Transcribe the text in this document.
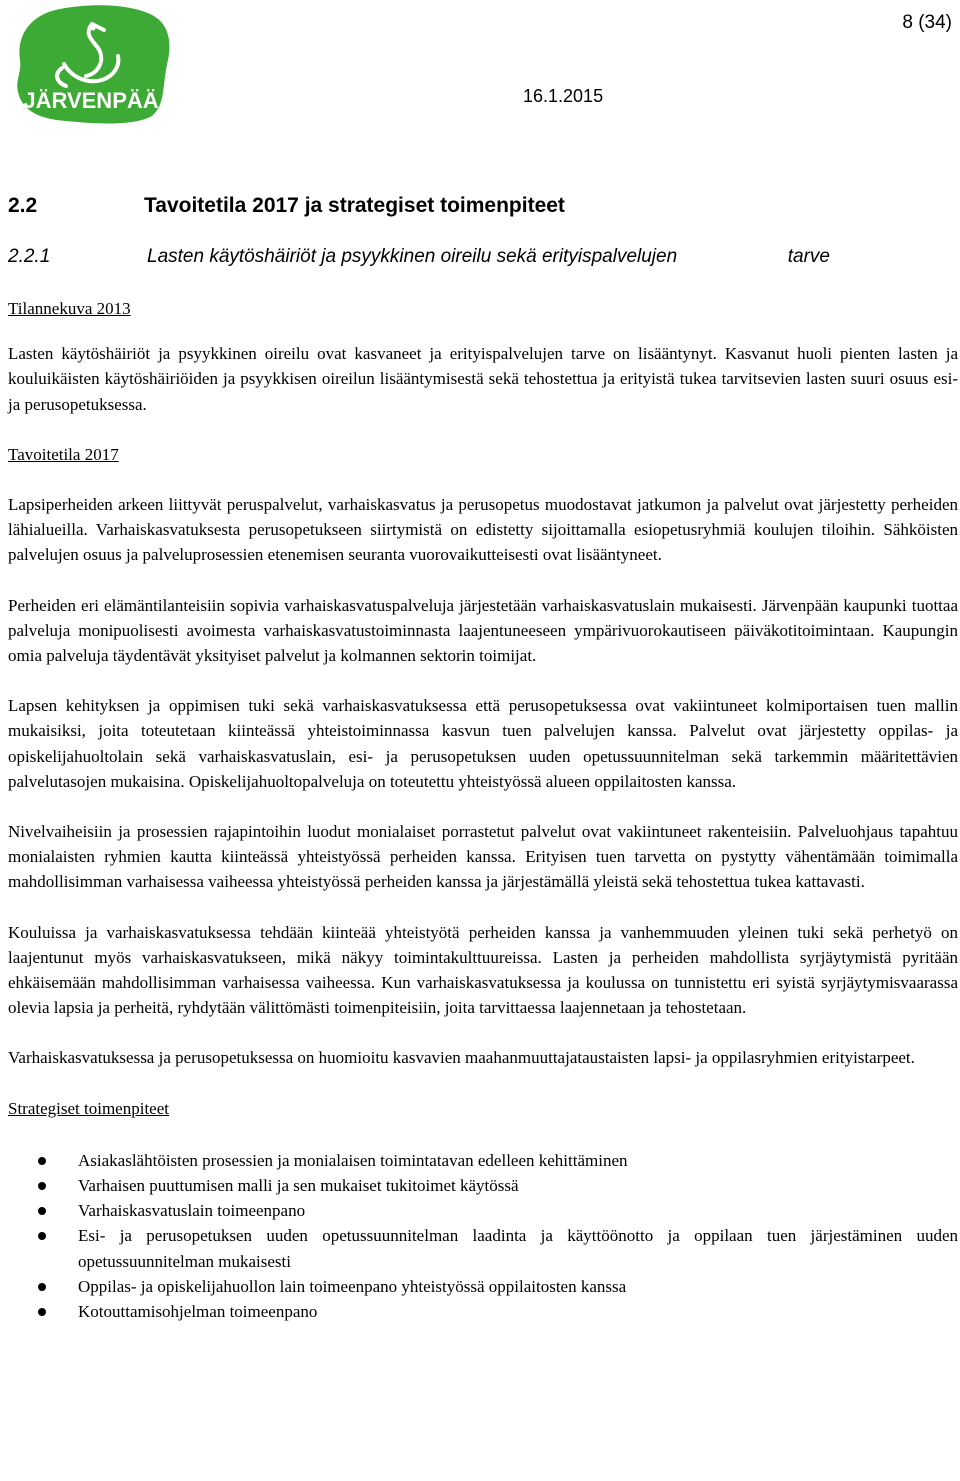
JÄRVENPÄÄ
8 (34)
16.1.2015
2.2	Tavoitetila 2017 ja strategiset toimenpiteet
2.2.1	Lasten käytöshäiriöt ja psyykkinen oireilu sekä erityispalvelujen	tarve

Tilannekuva 2013

Lasten käytöshäiriöt ja psyykkinen oireilu ovat kasvaneet ja erityispalvelujen tarve on lisääntynyt. Kasvanut huoli pienten lasten ja kouluikäisten käytöshäiriöiden ja psyykkisen oireilun lisääntymisestä sekä tehostettua ja erityistä tukea tarvitsevien lasten suuri osuus esi- ja perusopetuksessa.

Tavoitetila 2017

Lapsiperheiden arkeen liittyvät peruspalvelut, varhaiskasvatus ja perusopetus muodostavat jatkumon ja palvelut ovat järjestetty perheiden lähialueilla. Varhaiskasvatuksesta perusopetukseen siirtymistä on edistetty sijoittamalla esiopetusryhmiä koulujen tiloihin. Sähköisten palvelujen osuus ja palveluprosessien etenemisen seuranta vuorovaikutteisesti ovat lisääntyneet.

Perheiden eri elämäntilanteisiin sopivia varhaiskasvatuspalveluja järjestetään varhaiskasvatuslain mukaisesti. Järvenpään kaupunki tuottaa palveluja monipuolisesti avoimesta varhaiskasvatustoiminnasta laajentuneeseen ympärivuorokautiseen päiväkotitoimintaan. Kaupungin omia palveluja täydentävät yksityiset palvelut ja kolmannen sektorin toimijat.

Lapsen kehityksen ja oppimisen tuki sekä varhaiskasvatuksessa että perusopetuksessa ovat vakiintuneet kolmiportaisen tuen mallin mukaisiksi, joita toteutetaan kiinteässä yhteistoiminnassa kasvun tuen palvelujen kanssa. Palvelut ovat järjestetty oppilas- ja opiskelijahuoltolain sekä varhaiskasvatuslain, esi- ja perusopetuksen uuden opetussuunnitelman sekä tarkemmin määritettävien palvelutasojen mukaisina. Opiskelijahuoltopalveluja on toteutettu yhteistyössä alueen oppilaitosten kanssa.

Nivelvaiheisiin ja prosessien rajapintoihin luodut monialaiset porrastetut palvelut ovat vakiintuneet rakenteisiin. Palveluohjaus tapahtuu monialaisten ryhmien kautta kiinteässä yhteistyössä perheiden kanssa. Erityisen tuen tarvetta on pystytty vähentämään toimimalla mahdollisimman varhaisessa vaiheessa yhteistyössä perheiden kanssa ja järjestämällä yleistä sekä tehostettua tukea kattavasti.

Kouluissa ja varhaiskasvatuksessa tehdään kiinteää yhteistyötä perheiden kanssa ja vanhemmuuden yleinen tuki sekä perhetyö on laajentunut myös varhaiskasvatukseen, mikä näkyy toimintakulttuureissa. Lasten ja perheiden mahdollista syrjäytymistä pyritään ehkäisemään mahdollisimman varhaisessa vaiheessa. Kun varhaiskasvatuksessa ja koulussa on tunnistettu eri syistä syrjäytymisvaarassa olevia lapsia ja perheitä, ryhdytään välittömästi toimenpiteisiin, joita tarvittaessa laajennetaan ja tehostetaan.

Varhaiskasvatuksessa ja perusopetuksessa on huomioitu kasvavien maahanmuuttajataustaisten lapsi- ja oppilasryhmien erityistarpeet.

Strategiset toimenpiteet

Asiakaslähtöisten prosessien ja monialaisen toimintatavan edelleen kehittäminen
Varhaisen puuttumisen malli ja sen mukaiset tukitoimet käytössä
Varhaiskasvatuslain toimeenpano
Esi- ja perusopetuksen uuden opetussuunnitelman laadinta ja käyttöönotto ja oppilaan tuen järjestäminen uuden opetussuunnitelman mukaisesti
Oppilas- ja opiskelijahuollon lain toimeenpano yhteistyössä oppilaitosten kanssa
Kotouttamisohjelman toimeenpano
